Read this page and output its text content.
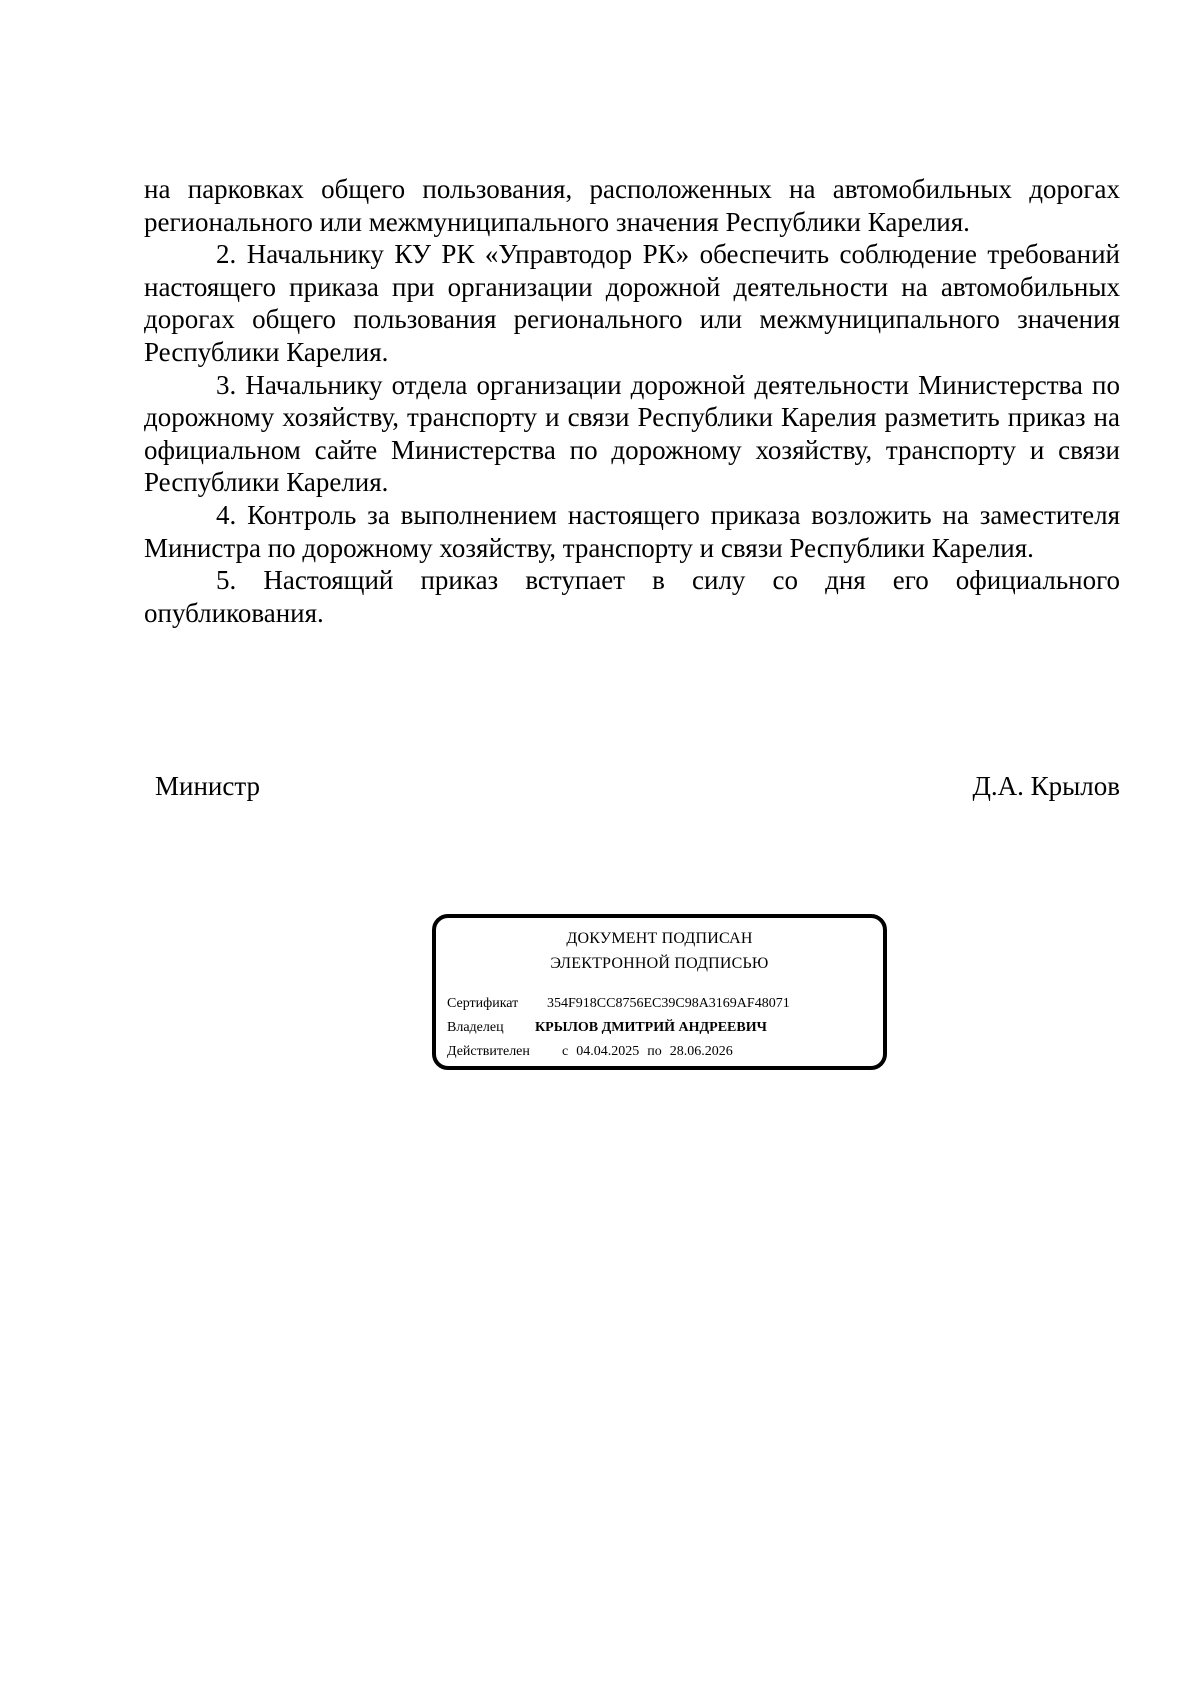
на парковках общего пользования, расположенных на автомобильных дорогах регионального или межмуниципального значения Республики Карелия.

2. Начальнику КУ РК «Управтодор РК» обеспечить соблюдение требований настоящего приказа при организации дорожной деятельности на автомобильных дорогах общего пользования регионального или межмуниципального значения Республики Карелия.

3. Начальнику отдела организации дорожной деятельности Министерства по дорожному хозяйству, транспорту и связи Республики Карелия разметить приказ на официальном сайте Министерства по дорожному хозяйству, транспорту и связи Республики Карелия.

4. Контроль за выполнением настоящего приказа возложить на заместителя Министра по дорожному хозяйству, транспорту и связи Республики Карелия.

5. Настоящий приказ вступает в силу со дня его официального опубликования.

Министр	Д.А. Крылов
ДОКУМЕНТ ПОДПИСАН
ЭЛЕКТРОННОЙ ПОДПИСЬЮ
Сертификат 354F918CC8756EC39C98A3169AF48071
Владелец КРЫЛОВ ДМИТРИЙ АНДРЕЕВИЧ
Действителен с 04.04.2025 по 28.06.2026
